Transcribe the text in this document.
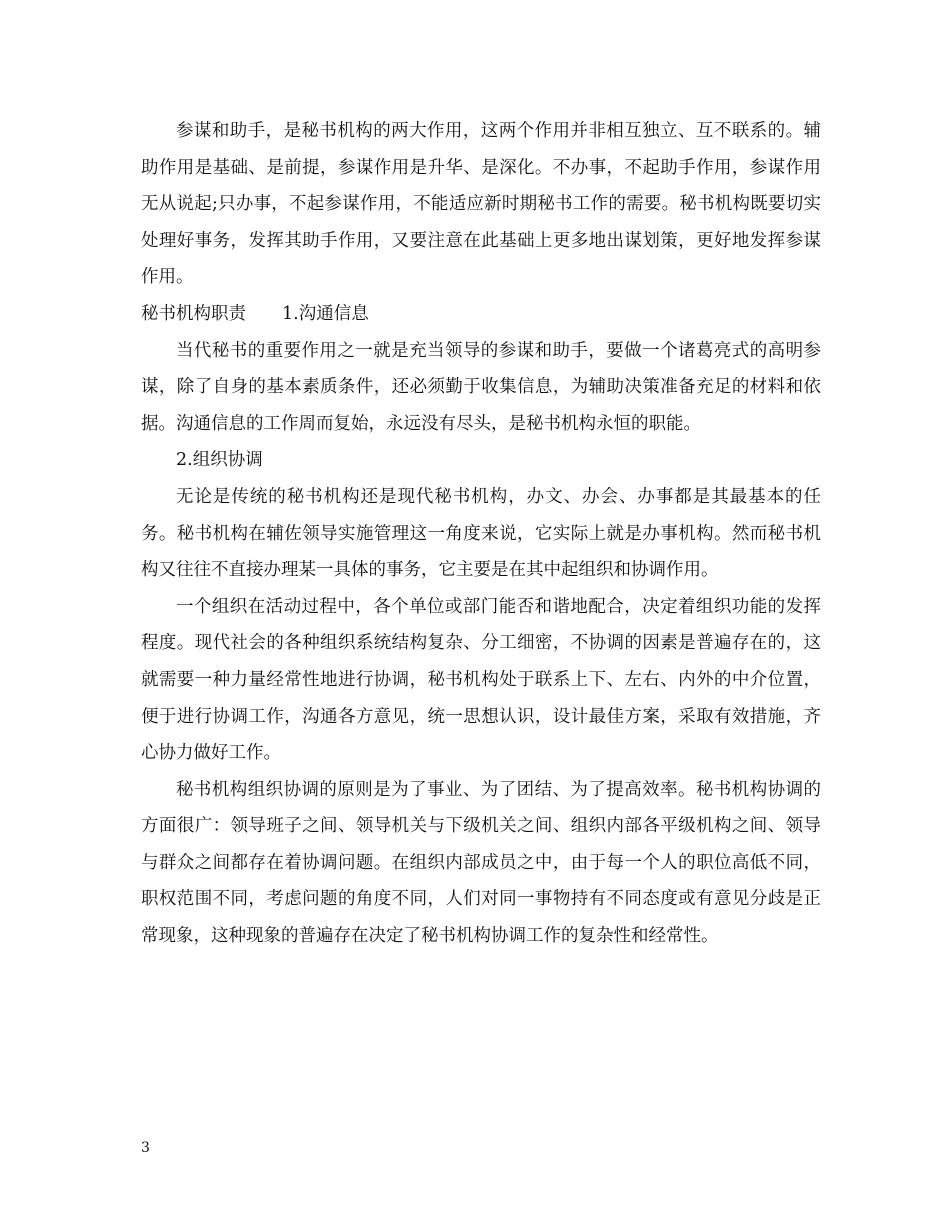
参谋和助手，是秘书机构的两大作用，这两个作用并非相互独立、互不联系的。辅助作用是基础、是前提，参谋作用是升华、是深化。不办事，不起助手作用，参谋作用无从说起;只办事，不起参谋作用，不能适应新时期秘书工作的需要。秘书机构既要切实处理好事务，发挥其助手作用，又要注意在此基础上更多地出谋划策，更好地发挥参谋作用。

秘书机构职责 1.沟通信息

当代秘书的重要作用之一就是充当领导的参谋和助手，要做一个诸葛亮式的高明参谋，除了自身的基本素质条件，还必须勤于收集信息，为辅助决策准备充足的材料和依据。沟通信息的工作周而复始，永远没有尽头，是秘书机构永恒的职能。

2.组织协调

无论是传统的秘书机构还是现代秘书机构，办文、办会、办事都是其最基本的任务。秘书机构在辅佐领导实施管理这一角度来说，它实际上就是办事机构。然而秘书机构又往往不直接办理某一具体的事务，它主要是在其中起组织和协调作用。

一个组织在活动过程中，各个单位或部门能否和谐地配合，决定着组织功能的发挥程度。现代社会的各种组织系统结构复杂、分工细密，不协调的因素是普遍存在的，这就需要一种力量经常性地进行协调，秘书机构处于联系上下、左右、内外的中介位置，便于进行协调工作，沟通各方意见，统一思想认识，设计最佳方案，采取有效措施，齐心协力做好工作。

秘书机构组织协调的原则是为了事业、为了团结、为了提高效率。秘书机构协调的方面很广：领导班子之间、领导机关与下级机关之间、组织内部各平级机构之间、领导与群众之间都存在着协调问题。在组织内部成员之中，由于每一个人的职位高低不同，职权范围不同，考虑问题的角度不同，人们对同一事物持有不同态度或有意见分歧是正常现象，这种现象的普遍存在决定了秘书机构协调工作的复杂性和经常性。

3
